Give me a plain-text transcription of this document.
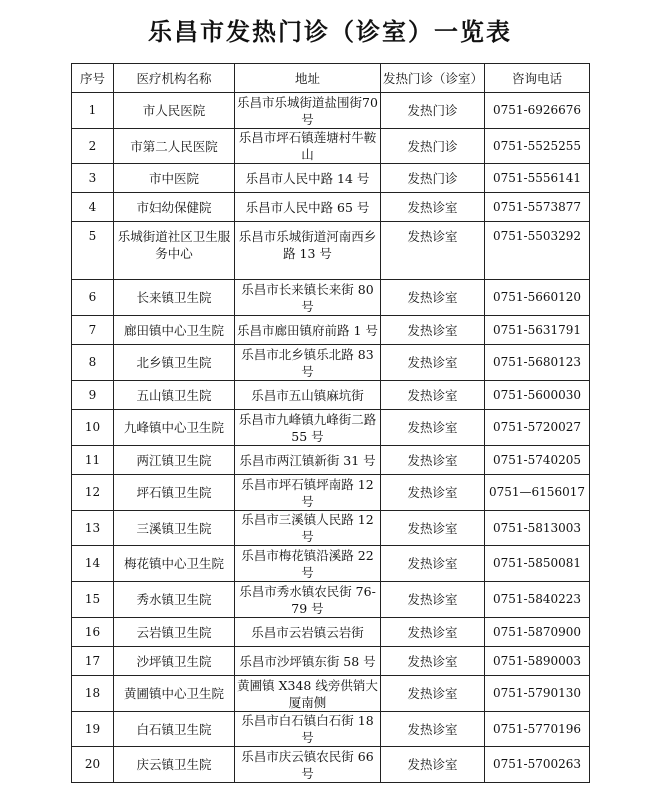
乐昌市发热门诊（诊室）一览表
序号	医疗机构名称	地址	发热门诊（诊室）	咨询电话
1	市人民医院	乐昌市乐城街道盐围街70号	发热门诊	0751-6926676
2	市第二人民医院	乐昌市坪石镇莲塘村牛鞍山	发热门诊	0751-5525255
3	市中医院	乐昌市人民中路 14 号	发热门诊	0751-5556141
4	市妇幼保健院	乐昌市人民中路 65 号	发热诊室	0751-5573877
5	乐城街道社区卫生服务中心	乐昌市乐城街道河南西乡路 13 号	发热诊室	0751-5503292
6	长来镇卫生院	乐昌市长来镇长来街 80 号	发热诊室	0751-5660120
7	廊田镇中心卫生院	乐昌市廊田镇府前路 1 号	发热诊室	0751-5631791
8	北乡镇卫生院	乐昌市北乡镇乐北路 83 号	发热诊室	0751-5680123
9	五山镇卫生院	乐昌市五山镇麻坑街	发热诊室	0751-5600030
10	九峰镇中心卫生院	乐昌市九峰镇九峰街二路 55 号	发热诊室	0751-5720027
11	两江镇卫生院	乐昌市两江镇新街 31 号	发热诊室	0751-5740205
12	坪石镇卫生院	乐昌市坪石镇坪南路 12 号	发热诊室	0751—6156017
13	三溪镇卫生院	乐昌市三溪镇人民路 12 号	发热诊室	0751-5813003
14	梅花镇中心卫生院	乐昌市梅花镇沿溪路 22 号	发热诊室	0751-5850081
15	秀水镇卫生院	乐昌市秀水镇农民街 76-79 号	发热诊室	0751-5840223
16	云岩镇卫生院	乐昌市云岩镇云岩街	发热诊室	0751-5870900
17	沙坪镇卫生院	乐昌市沙坪镇东街 58 号	发热诊室	0751-5890003
18	黄圃镇中心卫生院	黄圃镇 X348 线旁供销大厦南侧	发热诊室	0751-5790130
19	白石镇卫生院	乐昌市白石镇白石街 18 号	发热诊室	0751-5770196
20	庆云镇卫生院	乐昌市庆云镇农民街 66 号	发热诊室	0751-5700263
